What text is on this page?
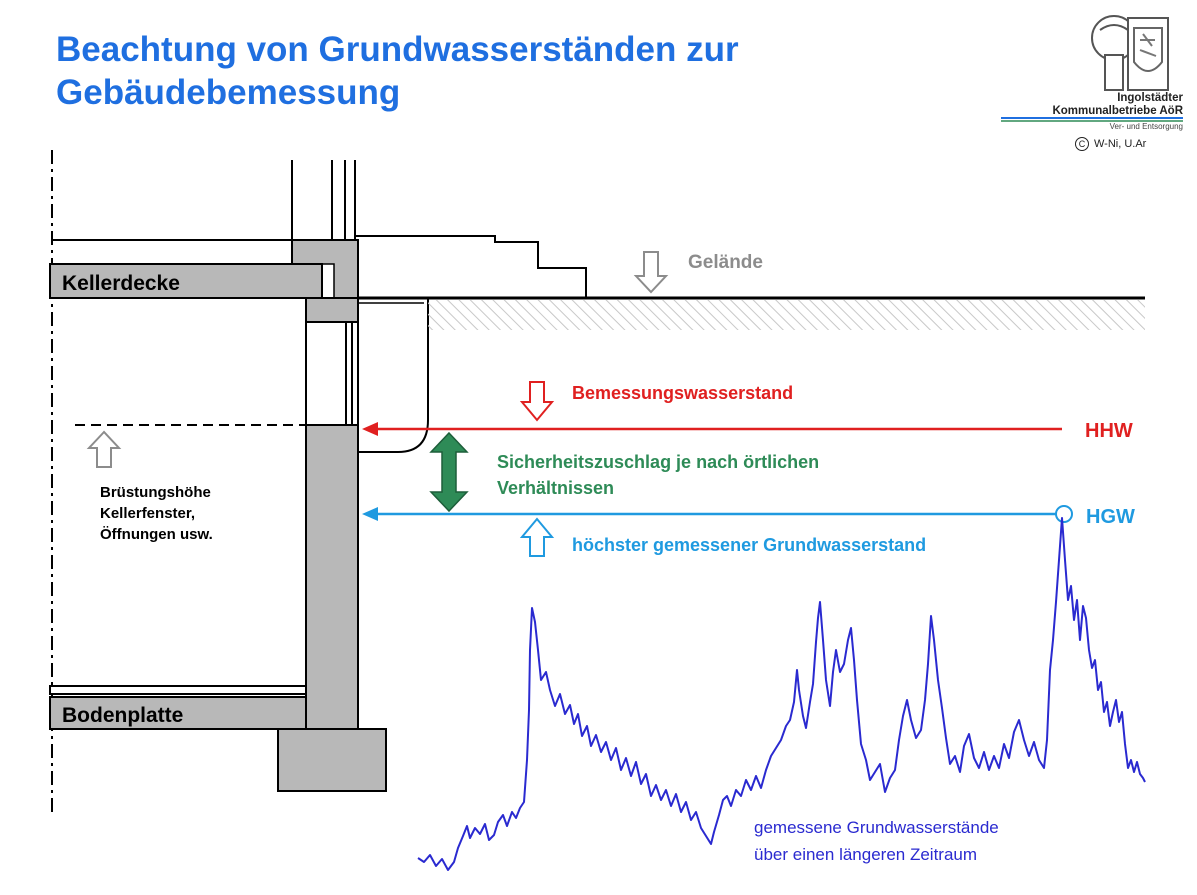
Beachtung von Grundwasserständen zur
Gebäudebemessung	Ingolstädter
Kommunalbetriebe AöR
Ver- und Entsorgung
C W-Ni, U.Ar
Kellerdecke
Bodenplatte
Gelände
Brüstungshöhe Kellerfenster, Öffnungen usw.
HHW
Bemessungswasserstand
Sicherheitszuschlag je nach örtlichen Verhältnissen
HGW
höchster gemessener Grundwasserstand
gemessene Grundwasserstände über einen längeren Zeitraum
